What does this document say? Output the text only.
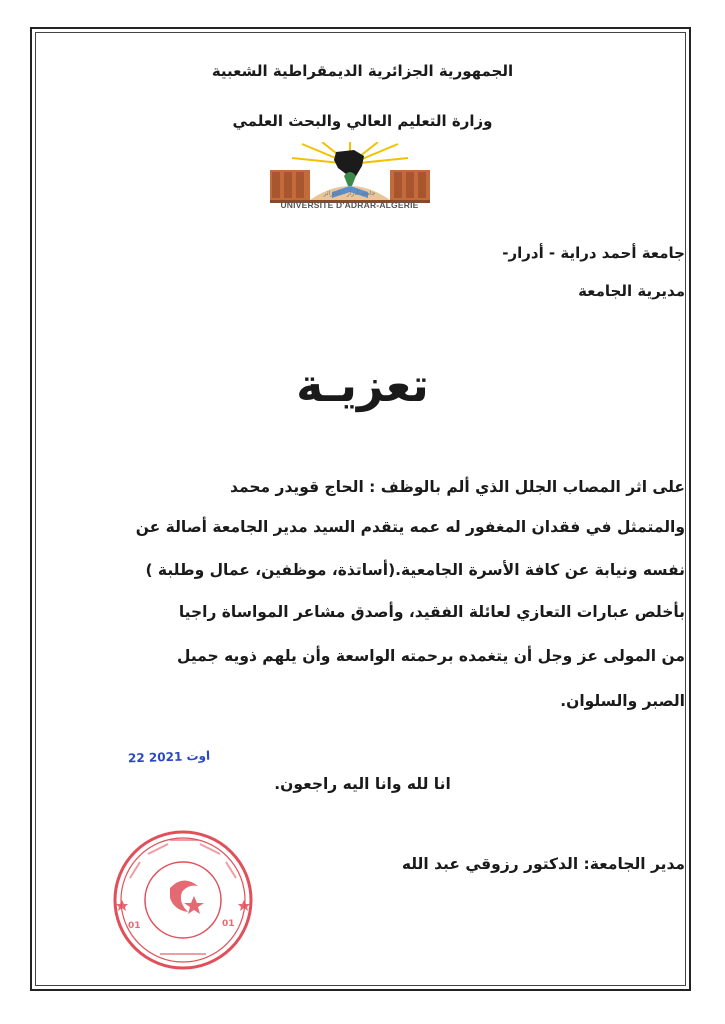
الجمهورية الجزائرية الديمقراطية الشعبية
وزارة التعليم العالي والبحث العلمي
جامعة أدرار - الجزائر
UNIVERSITÉ D'ADRAR-ALGÉRIE
جامعة أحمد دراية - أدرار-
مديرية الجامعة
تعزيـة
على اثر المصاب الجلل الذي ألم بالوظف : الحاج قويدر محمد
والمتمثل في فقدان المغفور له عمه يتقدم السيد مدير الجامعة أصالة عن
نفسه ونيابة عن كافة الأسرة الجامعية.(أساتذة، موظفين، عمال وطلبة )
بأخلص عبارات التعازي لعائلة الفقيد، وأصدق مشاعر المواساة راجيا
من المولى عز وجل أن يتغمده برحمته الواسعة وأن يلهم ذويه جميل
الصبر والسلوان.
22 اوت 2021
انا لله وانا اليه راجعون.
مدير الجامعة: الدكتور رزوقي عبد الله
01	01
